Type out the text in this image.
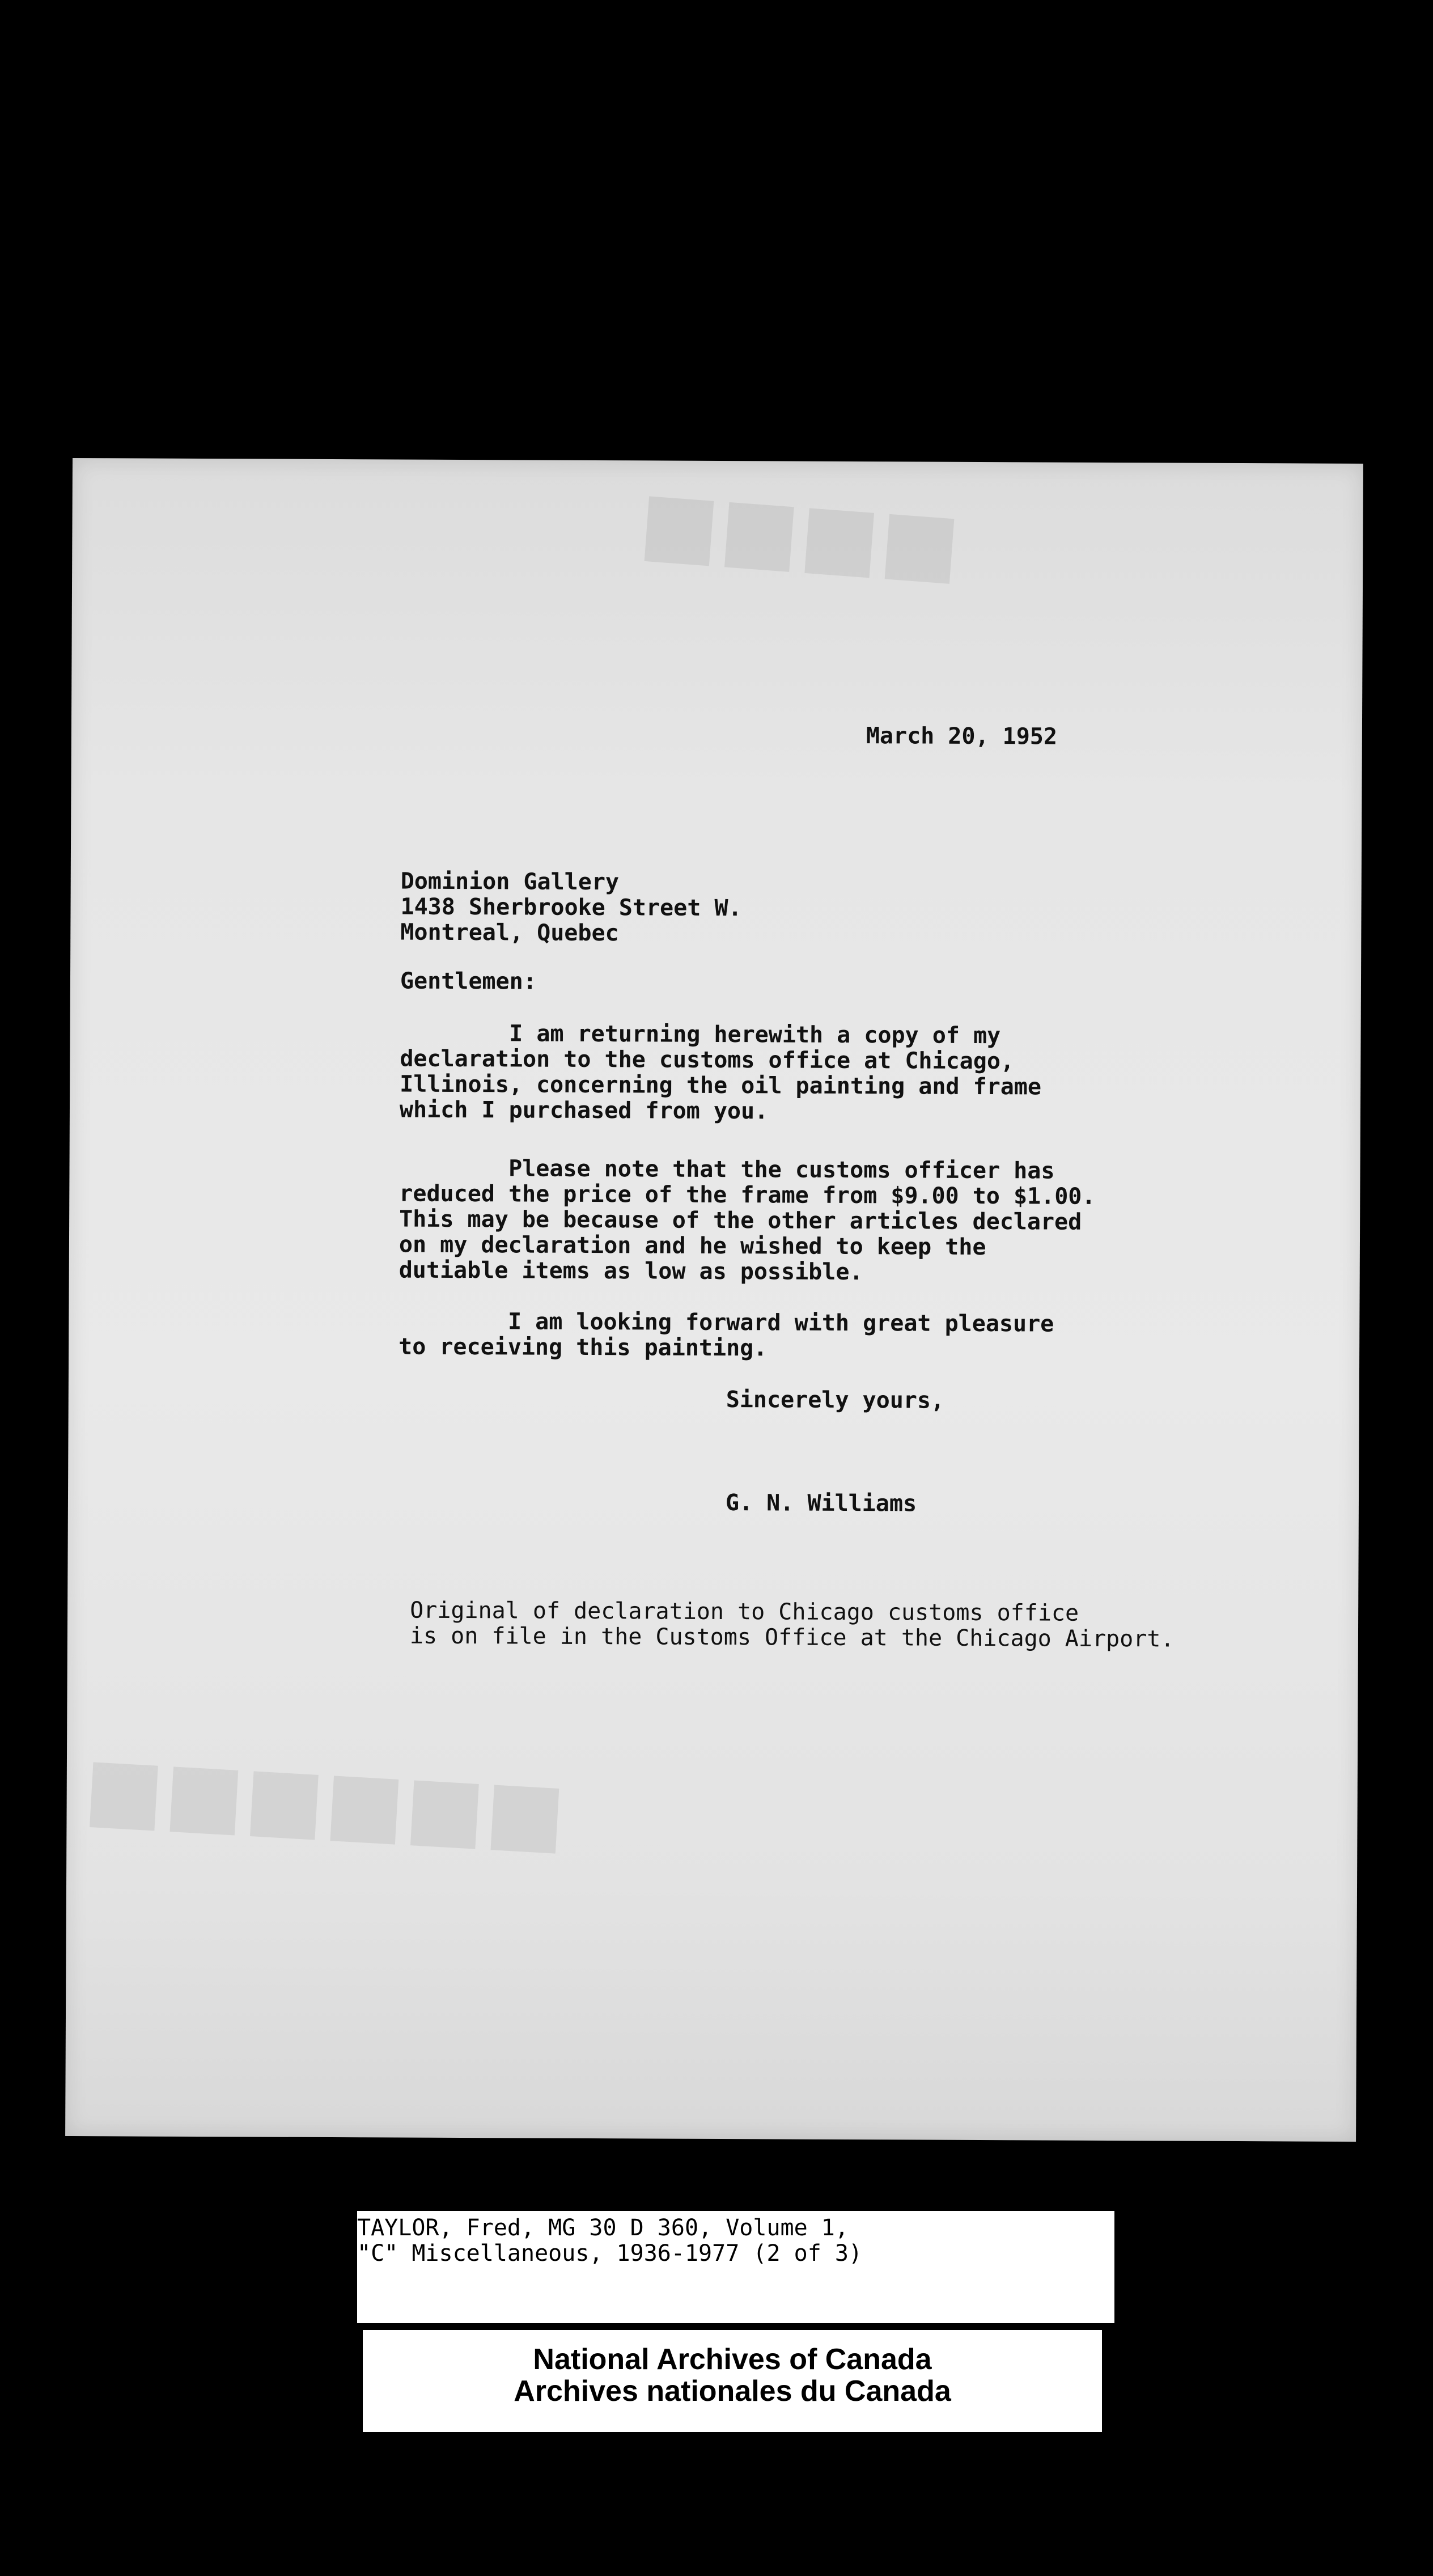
■■■■
■■■■■■
March 20, 1952
Dominion Gallery
1438 Sherbrooke Street W.
Montreal, Quebec
Gentlemen:
I am returning herewith a copy of my
declaration to the customs office at Chicago,
Illinois, concerning the oil painting and frame
which I purchased from you.
Please note that the customs officer has
reduced the price of the frame from $9.00 to $1.00.
This may be because of the other articles declared
on my declaration and he wished to keep the
dutiable items as low as possible.
I am looking forward with great pleasure
to receiving this painting.
Sincerely yours,
G. N. Williams
Original of declaration to Chicago customs office
is on file in the Customs Office at the Chicago Airport.
TAYLOR, Fred, MG 30 D 360, Volume 1,
"C" Miscellaneous, 1936-1977 (2 of 3)
National Archives of Canada
Archives nationales du Canada
